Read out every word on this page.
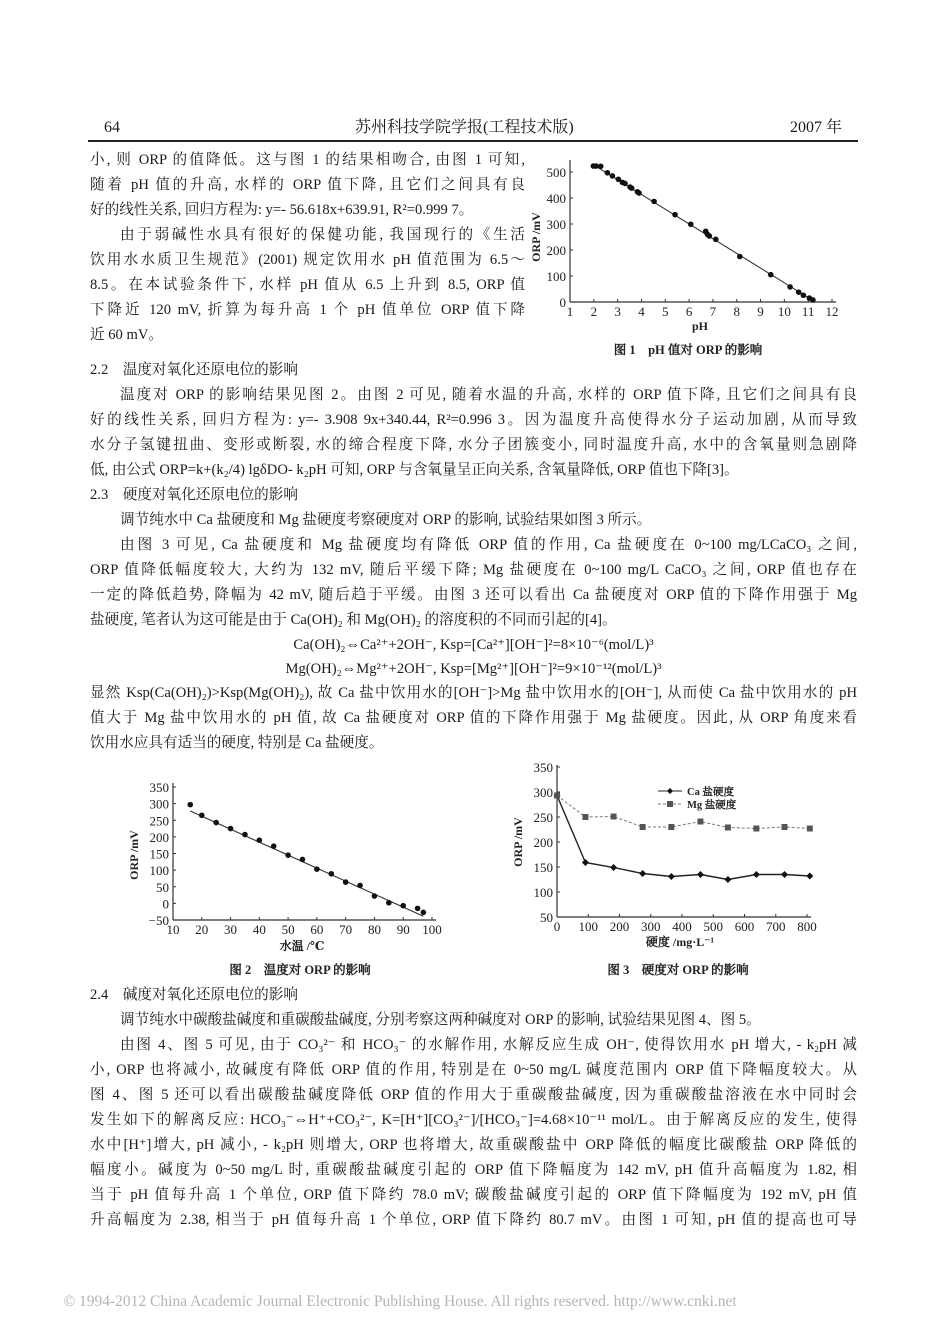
64	苏州科技学院学报(工程技术版)	2007 年
小, 则 ORP 的值降低。这与图 1 的结果相吻合, 由图 1 可知,
随着 pH 值的升高, 水样的 ORP 值下降, 且它们之间具有良
好的线性关系, 回归方程为: y=- 56.618x+639.91, R²=0.999 7。
由于弱碱性水具有很好的保健功能, 我国现行的《生活
饮用水水质卫生规范》(2001) 规定饮用水 pH 值范围为 6.5～
8.5。在本试验条件下, 水样 pH 值从 6.5 上升到 8.5, ORP 值
下降近 120 mV, 折算为每升高 1 个 pH 值单位 ORP 值下降
近 60 mV。
2.2　温度对氧化还原电位的影响
温度对 ORP 的影响结果见图 2。由图 2 可见, 随着水温的升高, 水样的 ORP 值下降, 且它们之间具有良
好的线性关系, 回归方程为: y=- 3.908 9x+340.44, R²=0.996 3。因为温度升高使得水分子运动加剧, 从而导致
水分子氢键扭曲、变形或断裂, 水的缔合程度下降, 水分子团簇变小, 同时温度升高, 水中的含氧量则急剧降
低, 由公式 ORP=k+(k₂/4) lgδDO- k₂pH 可知, ORP 与含氧量呈正向关系, 含氧量降低, ORP 值也下降[3]。
2.3　硬度对氧化还原电位的影响
调节纯水中 Ca 盐硬度和 Mg 盐硬度考察硬度对 ORP 的影响, 试验结果如图 3 所示。
由图 3 可见, Ca 盐硬度和 Mg 盐硬度均有降低 ORP 值的作用, Ca 盐硬度在 0~100 mg/LCaCO₃ 之间,
ORP 值降低幅度较大, 大约为 132 mV, 随后平缓下降; Mg 盐硬度在 0~100 mg/L CaCO₃ 之间, ORP 值也存在
一定的降低趋势, 降幅为 42 mV, 随后趋于平缓。由图 3 还可以看出 Ca 盐硬度对 ORP 值的下降作用强于 Mg
盐硬度, 笔者认为这可能是由于 Ca(OH)₂ 和 Mg(OH)₂ 的溶度积的不同而引起的[4]。
Ca(OH)₂⇔Ca²⁺+2OH⁻, Ksp=[Ca²⁺][OH⁻]²=8×10⁻⁶(mol/L)³
Mg(OH)₂⇔Mg²⁺+2OH⁻, Ksp=[Mg²⁺][OH⁻]²=9×10⁻¹²(mol/L)³
显然 Ksp(Ca(OH)₂)>Ksp(Mg(OH)₂), 故 Ca 盐中饮用水的[OH⁻]>Mg 盐中饮用水的[OH⁻], 从而使 Ca 盐中饮用水的 pH
值大于 Mg 盐中饮用水的 pH 值, 故 Ca 盐硬度对 ORP 值的下降作用强于 Mg 盐硬度。因此, 从 ORP 角度来看
饮用水应具有适当的硬度, 特别是 Ca 盐硬度。
2.4　碱度对氧化还原电位的影响
调节纯水中碳酸盐碱度和重碳酸盐碱度, 分别考察这两种碱度对 ORP 的影响, 试验结果见图 4、图 5。
由图 4、图 5 可见, 由于 CO₃²⁻ 和 HCO₃⁻ 的水解作用, 水解反应生成 OH⁻, 使得饮用水 pH 增大, - k₂pH 减
小, ORP 也将减小, 故碱度有降低 ORP 值的作用, 特别是在 0~50 mg/L 碱度范围内 ORP 值下降幅度较大。从
图 4、图 5 还可以看出碳酸盐碱度降低 ORP 值的作用大于重碳酸盐碱度, 因为重碳酸盐溶液在水中同时会
发生如下的解离反应: HCO₃⁻⇔H⁺+CO₃²⁻, K=[H⁺][CO₃²⁻]/[HCO₃⁻]=4.68×10⁻¹¹ mol/L。由于解离反应的发生, 使得
水中[H⁺]增大, pH 减小, - k₂pH 则增大, ORP 也将增大, 故重碳酸盐中 ORP 降低的幅度比碳酸盐 ORP 降低的
幅度小。碱度为 0~50 mg/L 时, 重碳酸盐碱度引起的 ORP 值下降幅度为 142 mV, pH 值升高幅度为 1.82, 相
当于 pH 值每升高 1 个单位, ORP 值下降约 78.0 mV; 碳酸盐碱度引起的 ORP 值下降幅度为 192 mV, pH 值
升高幅度为 2.38, 相当于 pH 值每升高 1 个单位, ORP 值下降约 80.7 mV。由图 1 可知, pH 值的提高也可导
© 1994-2012 China Academic Journal Electronic Publishing House. All rights reserved. http://www.cnki.net
1 2 3 4 5 6 7 8 9 10 11 12
0
100
200
300
400
500
ORP /mV
pH
图 1　pH 值对 ORP 的影响
10 20 30 40 50 60 70 80 90 100
−50
0
50
100
150
200
250
300
350
ORP /mV
水温 /℃
图 2　温度对 ORP 的影响
0 100 200 300 400 500 600 700 800
50
100
150
200
250
300
350
ORP /mV
硬度 /mg·L⁻¹
图 3　硬度对 ORP 的影响
Ca 盐硬度
Mg 盐硬度
